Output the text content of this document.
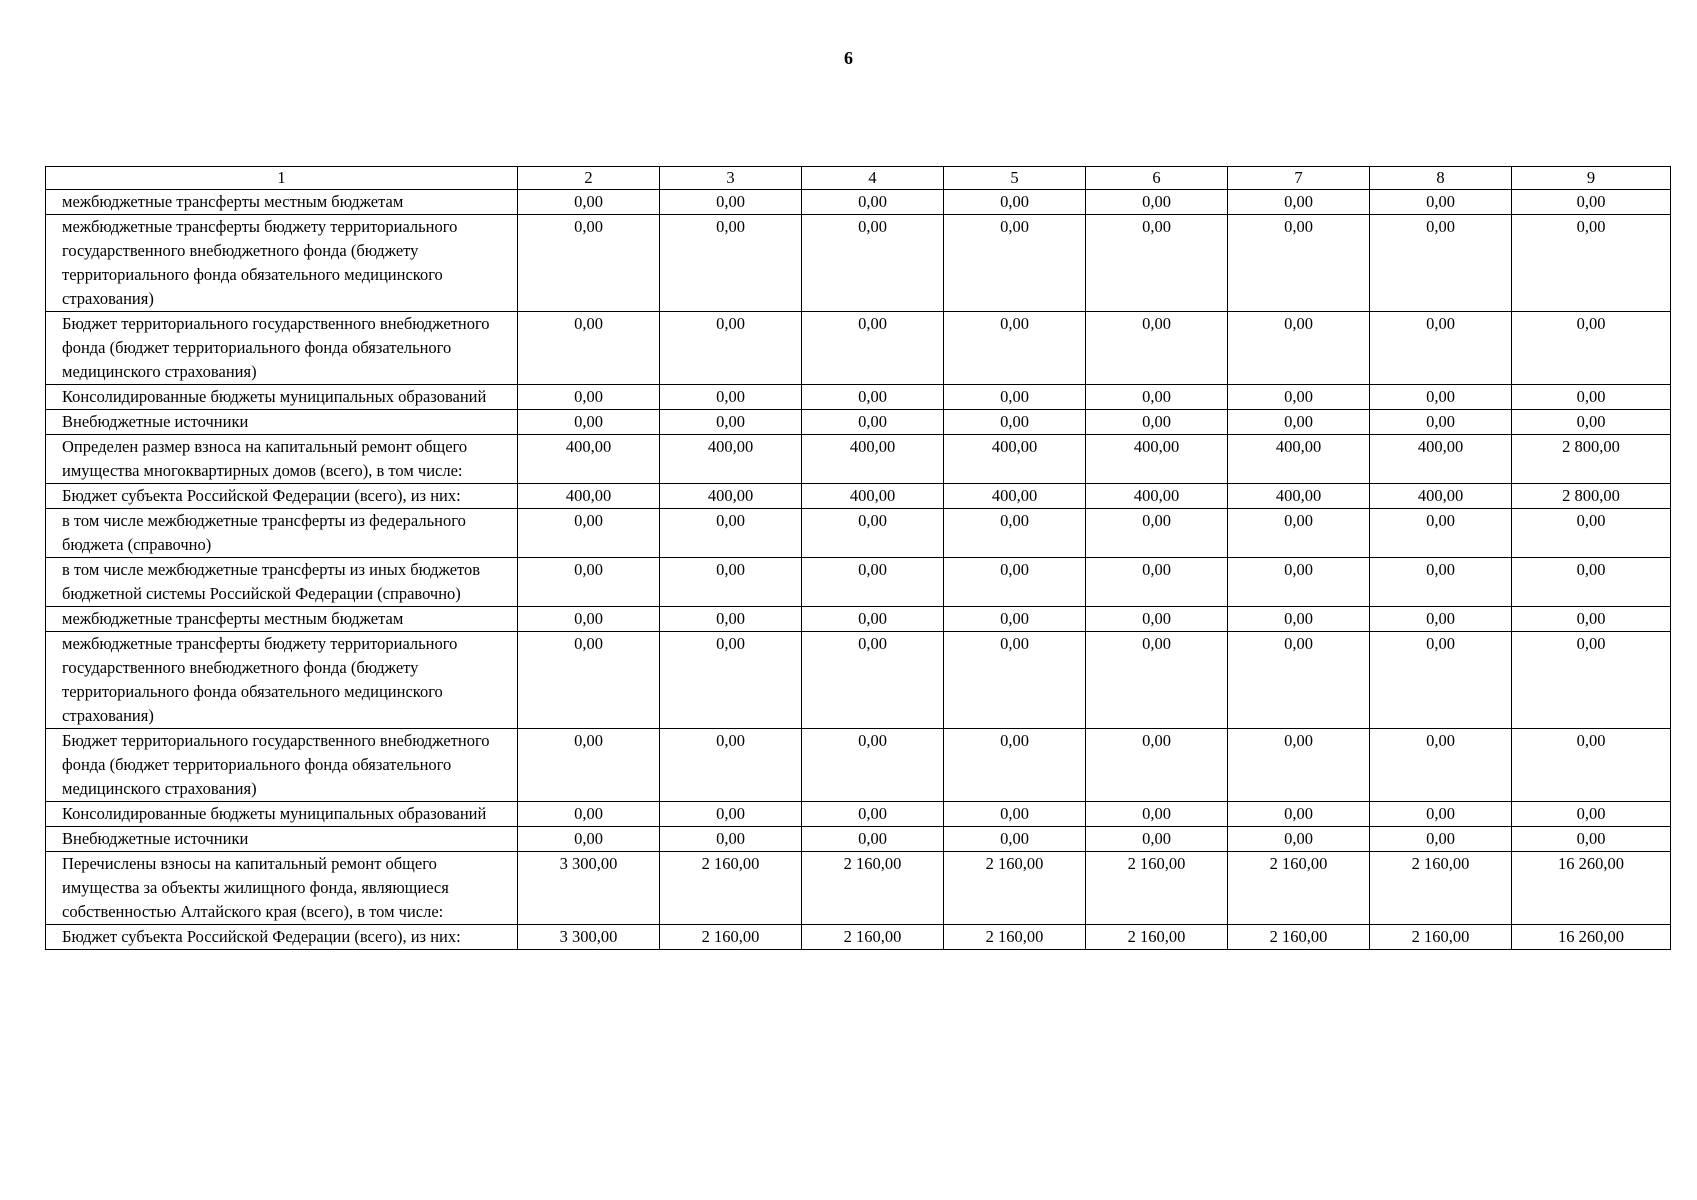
6
1	2	3	4	5	6	7	8	9
межбюджетные трансферты местным бюджетам	0,00	0,00	0,00	0,00	0,00	0,00	0,00	0,00
межбюджетные трансферты бюджету территориального государственного внебюджетного фонда (бюджету территориального фонда обязательного медицинского страхования)	0,00	0,00	0,00	0,00	0,00	0,00	0,00	0,00
Бюджет территориального государственного внебюджетного фонда (бюджет территориального фонда обязательного медицинского страхования)	0,00	0,00	0,00	0,00	0,00	0,00	0,00	0,00
Консолидированные бюджеты муниципальных образований	0,00	0,00	0,00	0,00	0,00	0,00	0,00	0,00
Внебюджетные источники	0,00	0,00	0,00	0,00	0,00	0,00	0,00	0,00
Определен размер взноса на капитальный ремонт общего имущества многоквартирных домов (всего), в том числе:	400,00	400,00	400,00	400,00	400,00	400,00	400,00	2 800,00
Бюджет субъекта Российской Федерации (всего), из них:	400,00	400,00	400,00	400,00	400,00	400,00	400,00	2 800,00
в том числе межбюджетные трансферты из федерального бюджета (справочно)	0,00	0,00	0,00	0,00	0,00	0,00	0,00	0,00
в том числе межбюджетные трансферты из иных бюджетов бюджетной системы Российской Федерации (справочно)	0,00	0,00	0,00	0,00	0,00	0,00	0,00	0,00
межбюджетные трансферты местным бюджетам	0,00	0,00	0,00	0,00	0,00	0,00	0,00	0,00
межбюджетные трансферты бюджету территориального государственного внебюджетного фонда (бюджету территориального фонда обязательного медицинского страхования)	0,00	0,00	0,00	0,00	0,00	0,00	0,00	0,00
Бюджет территориального государственного внебюджетного фонда (бюджет территориального фонда обязательного медицинского страхования)	0,00	0,00	0,00	0,00	0,00	0,00	0,00	0,00
Консолидированные бюджеты муниципальных образований	0,00	0,00	0,00	0,00	0,00	0,00	0,00	0,00
Внебюджетные источники	0,00	0,00	0,00	0,00	0,00	0,00	0,00	0,00
Перечислены взносы на капитальный ремонт общего имущества за объекты жилищного фонда, являющиеся собственностью Алтайского края (всего), в том числе:	3 300,00	2 160,00	2 160,00	2 160,00	2 160,00	2 160,00	2 160,00	16 260,00
Бюджет субъекта Российской Федерации (всего), из них:	3 300,00	2 160,00	2 160,00	2 160,00	2 160,00	2 160,00	2 160,00	16 260,00
